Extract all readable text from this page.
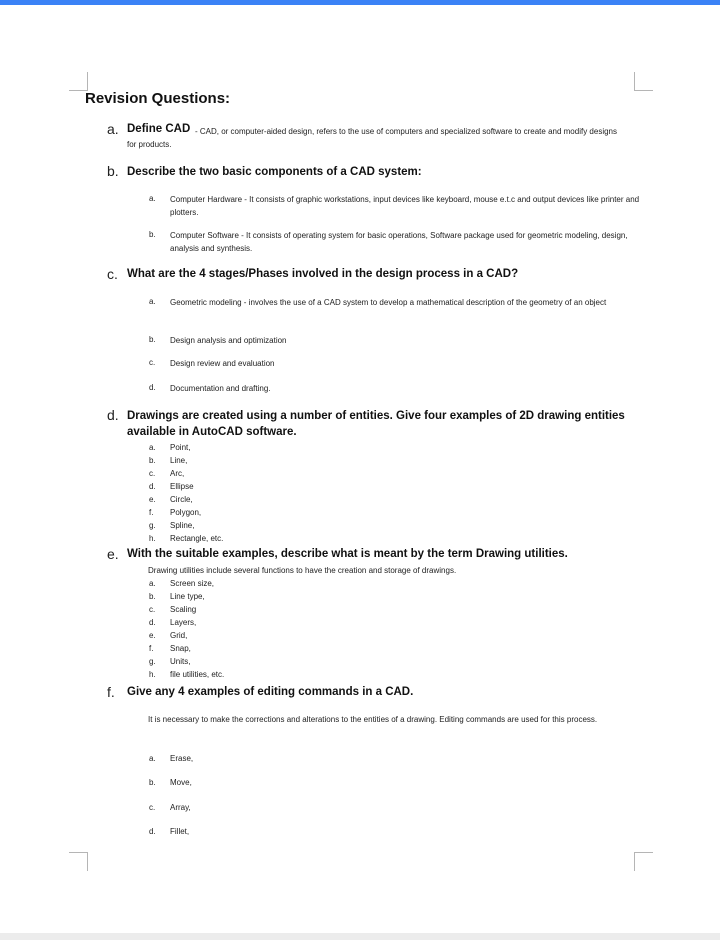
Revision Questions:
a. Define CAD - CAD, or computer-aided design, refers to the use of computers and specialized software to create and modify designs for products.
b. Describe the two basic components of a CAD system:
a. Computer Hardware - It consists of graphic workstations, input devices like keyboard, mouse e.t.c and output devices like printer and plotters.
b. Computer Software - It consists of operating system for basic operations, Software package used for geometric modeling, design, analysis and synthesis.
c. What are the 4 stages/Phases involved in the design process in a CAD?
a. Geometric modeling - involves the use of a CAD system to develop a mathematical description of the geometry of an object
b. Design analysis and optimization
c. Design review and evaluation
d. Documentation and drafting.
d. Drawings are created using a number of entities. Give four examples of 2D drawing entities
available in AutoCAD software.
a. Point,
b. Line,
c. Arc,
d. Ellipse
e. Circle,
f. Polygon,
g. Spline,
h. Rectangle, etc.
e. With the suitable examples, describe what is meant by the term Drawing utilities.
Drawing utilities include several functions to have the creation and storage of drawings.
a. Screen size,
b. Line type,
c. Scaling
d. Layers,
e. Grid,
f. Snap,
g. Units,
h. file utilities, etc.
f. Give any 4 examples of editing commands in a CAD.
It is necessary to make the corrections and alterations to the entities of a drawing. Editing commands are used for this process.
a. Erase,
b. Move,
c. Array,
d. Fillet,
